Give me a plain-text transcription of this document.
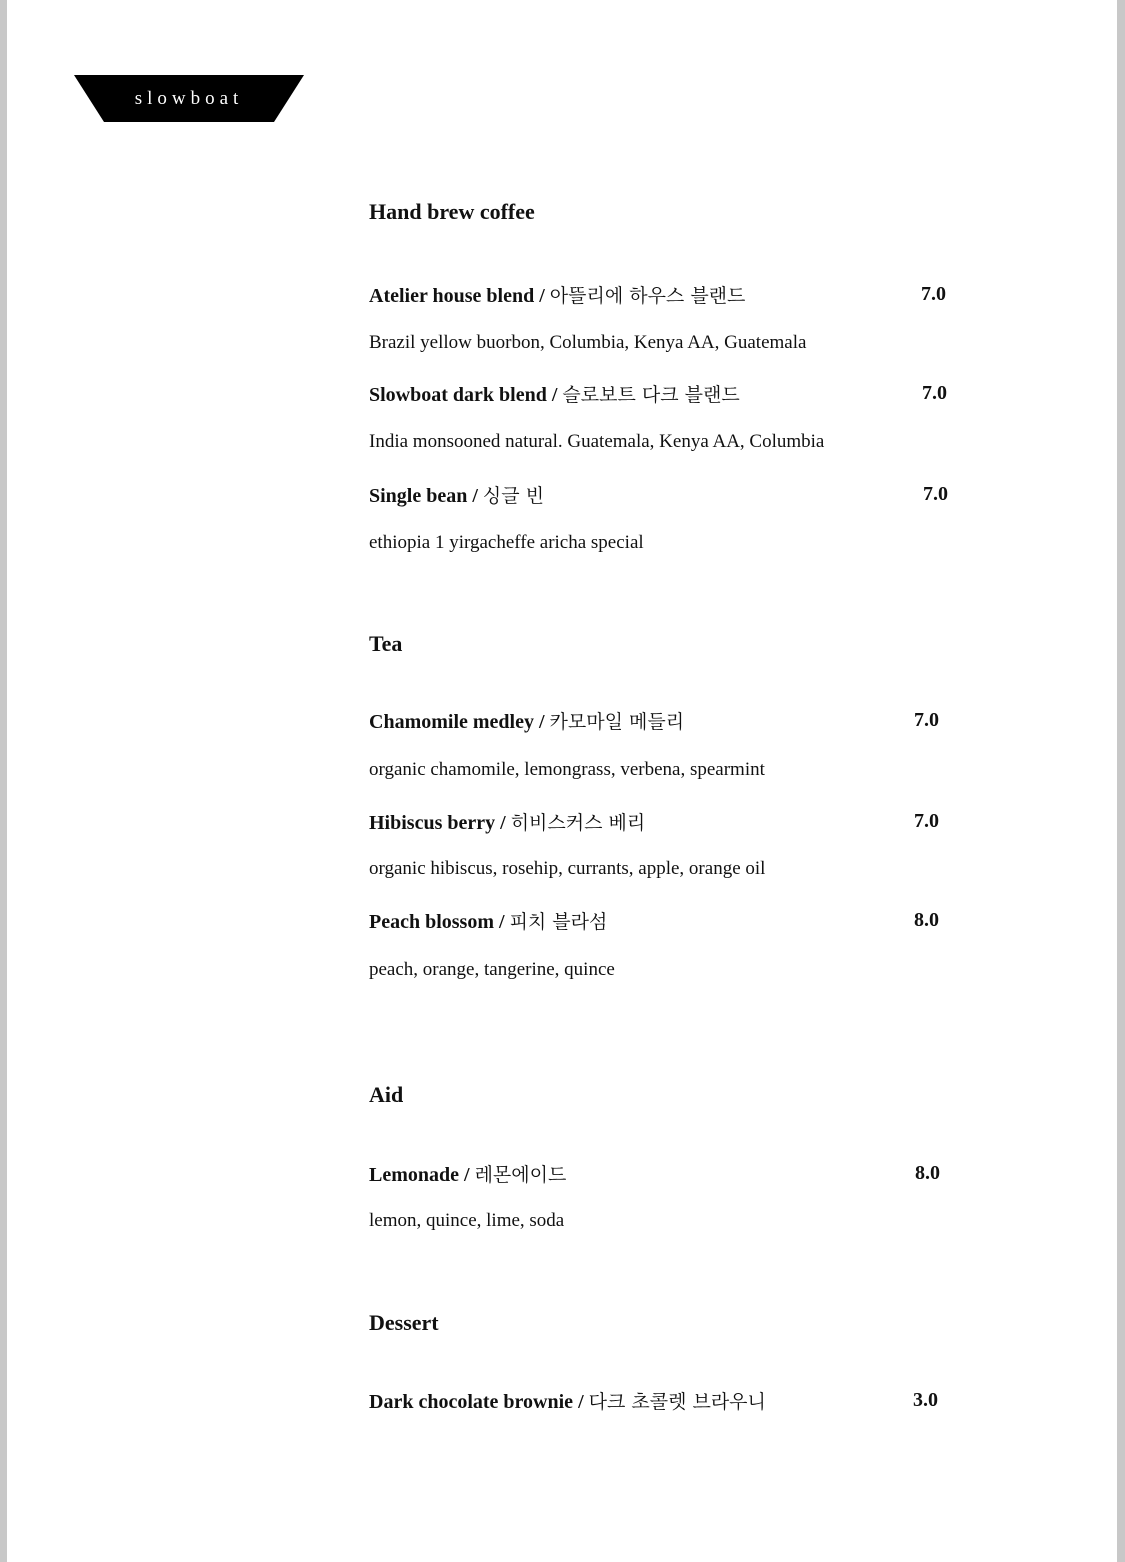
slowboat
Hand brew coffee
Atelier house blend / 아뜰리에 하우스 블랜드	7.0
Brazil yellow buorbon, Columbia, Kenya AA, Guatemala
Slowboat dark blend / 슬로보트 다크 블랜드	7.0
India monsooned natural. Guatemala, Kenya AA, Columbia
Single bean / 싱글 빈	7.0
ethiopia 1 yirgacheffe aricha special
Tea
Chamomile medley / 카모마일 메들리	7.0
organic chamomile, lemongrass, verbena, spearmint
Hibiscus berry / 히비스커스 베리	7.0
organic hibiscus, rosehip, currants, apple, orange oil
Peach blossom / 피치 블라섬	8.0
peach, orange, tangerine, quince
Aid
Lemonade / 레몬에이드	8.0
lemon, quince, lime, soda
Dessert
Dark chocolate brownie / 다크 초콜렛 브라우니	3.0
